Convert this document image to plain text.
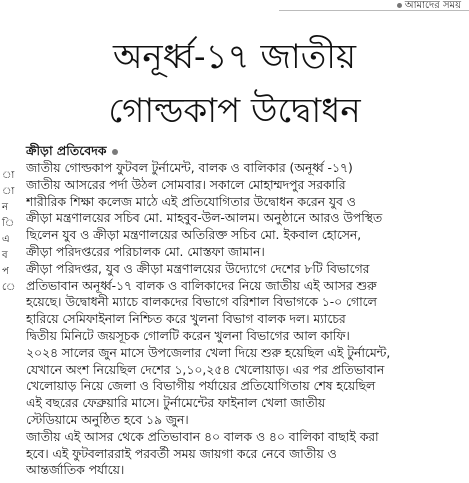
আমাদের সময়
া
া
ন
ি
এ
ব
প
ে
অনূর্ধ্ব-১৭ জাতীয়
গোল্ডকাপ উদ্বোধন
ক্রীড়া প্রতিবেদক
জাতীয় গোল্ডকাপ ফুটবল টুর্নামেন্ট, বালক ও বালিকার (অনূর্ধ্ব -১৭)
জাতীয় আসরের পর্দা উঠল সোমবার। সকালে মোহাম্মদপুর সরকারি
শারীরিক শিক্ষা কলেজ মাঠে এই প্রতিযোগিতার উদ্বোধন করেন যুব ও
ক্রীড়া মন্ত্রণালয়ের সচিব মো. মাহবুব-উল-আলম। অনুষ্ঠানে আরও উপস্থিত
ছিলেন যুব ও ক্রীড়া মন্ত্রণালয়ের অতিরিক্ত সচিব মো. ইকবাল হোসেন,
ক্রীড়া পরিদপ্তরের পরিচালক মো. মোস্তফা জামান।
ক্রীড়া পরিদপ্তর, যুব ও ক্রীড়া মন্ত্রণালয়ের উদ্যোগে দেশের ৮টি বিভাগের
প্রতিভাবান অনূর্ধ্ব-১৭ বালক ও বালিকাদের নিয়ে জাতীয় এই আসর শুরু
হয়েছে। উদ্বোধনী ম্যাচে বালকদের বিভাগে বরিশাল বিভাগকে ১-০ গোলে
হারিয়ে সেমিফাইনাল নিশ্চিত করে খুলনা বিভাগ বালক দল। ম্যাচের
দ্বিতীয় মিনিটে জয়সূচক গোলটি করেন খুলনা বিভাগের আল কাফি।
২০২৪ সালের জুন মাসে উপজেলার খেলা দিয়ে শুরু হয়েছিল এই টুর্নামেন্ট,
যেখানে অংশ নিয়েছিল দেশের ১,১০,২৫৪ খেলোয়াড়। এর পর প্রতিভাবান
খেলোয়াড় নিয়ে জেলা ও বিভাগীয় পর্যায়ের প্রতিযোগিতায় শেষ হয়েছিল
এই বছরের ফেব্রুয়ারি মাসে। টুর্নামেন্টের ফাইনাল খেলা জাতীয়
স্টেডিয়ামে অনুষ্ঠিত হবে ১৯ জুন।
জাতীয় এই আসর থেকে প্রতিভাবান ৪০ বালক ও ৪০ বালিকা বাছাই করা
হবে। এই ফুটবলাররাই পরবর্তী সময় জায়গা করে নেবে জাতীয় ও
আন্তর্জাতিক পর্যায়ে।
